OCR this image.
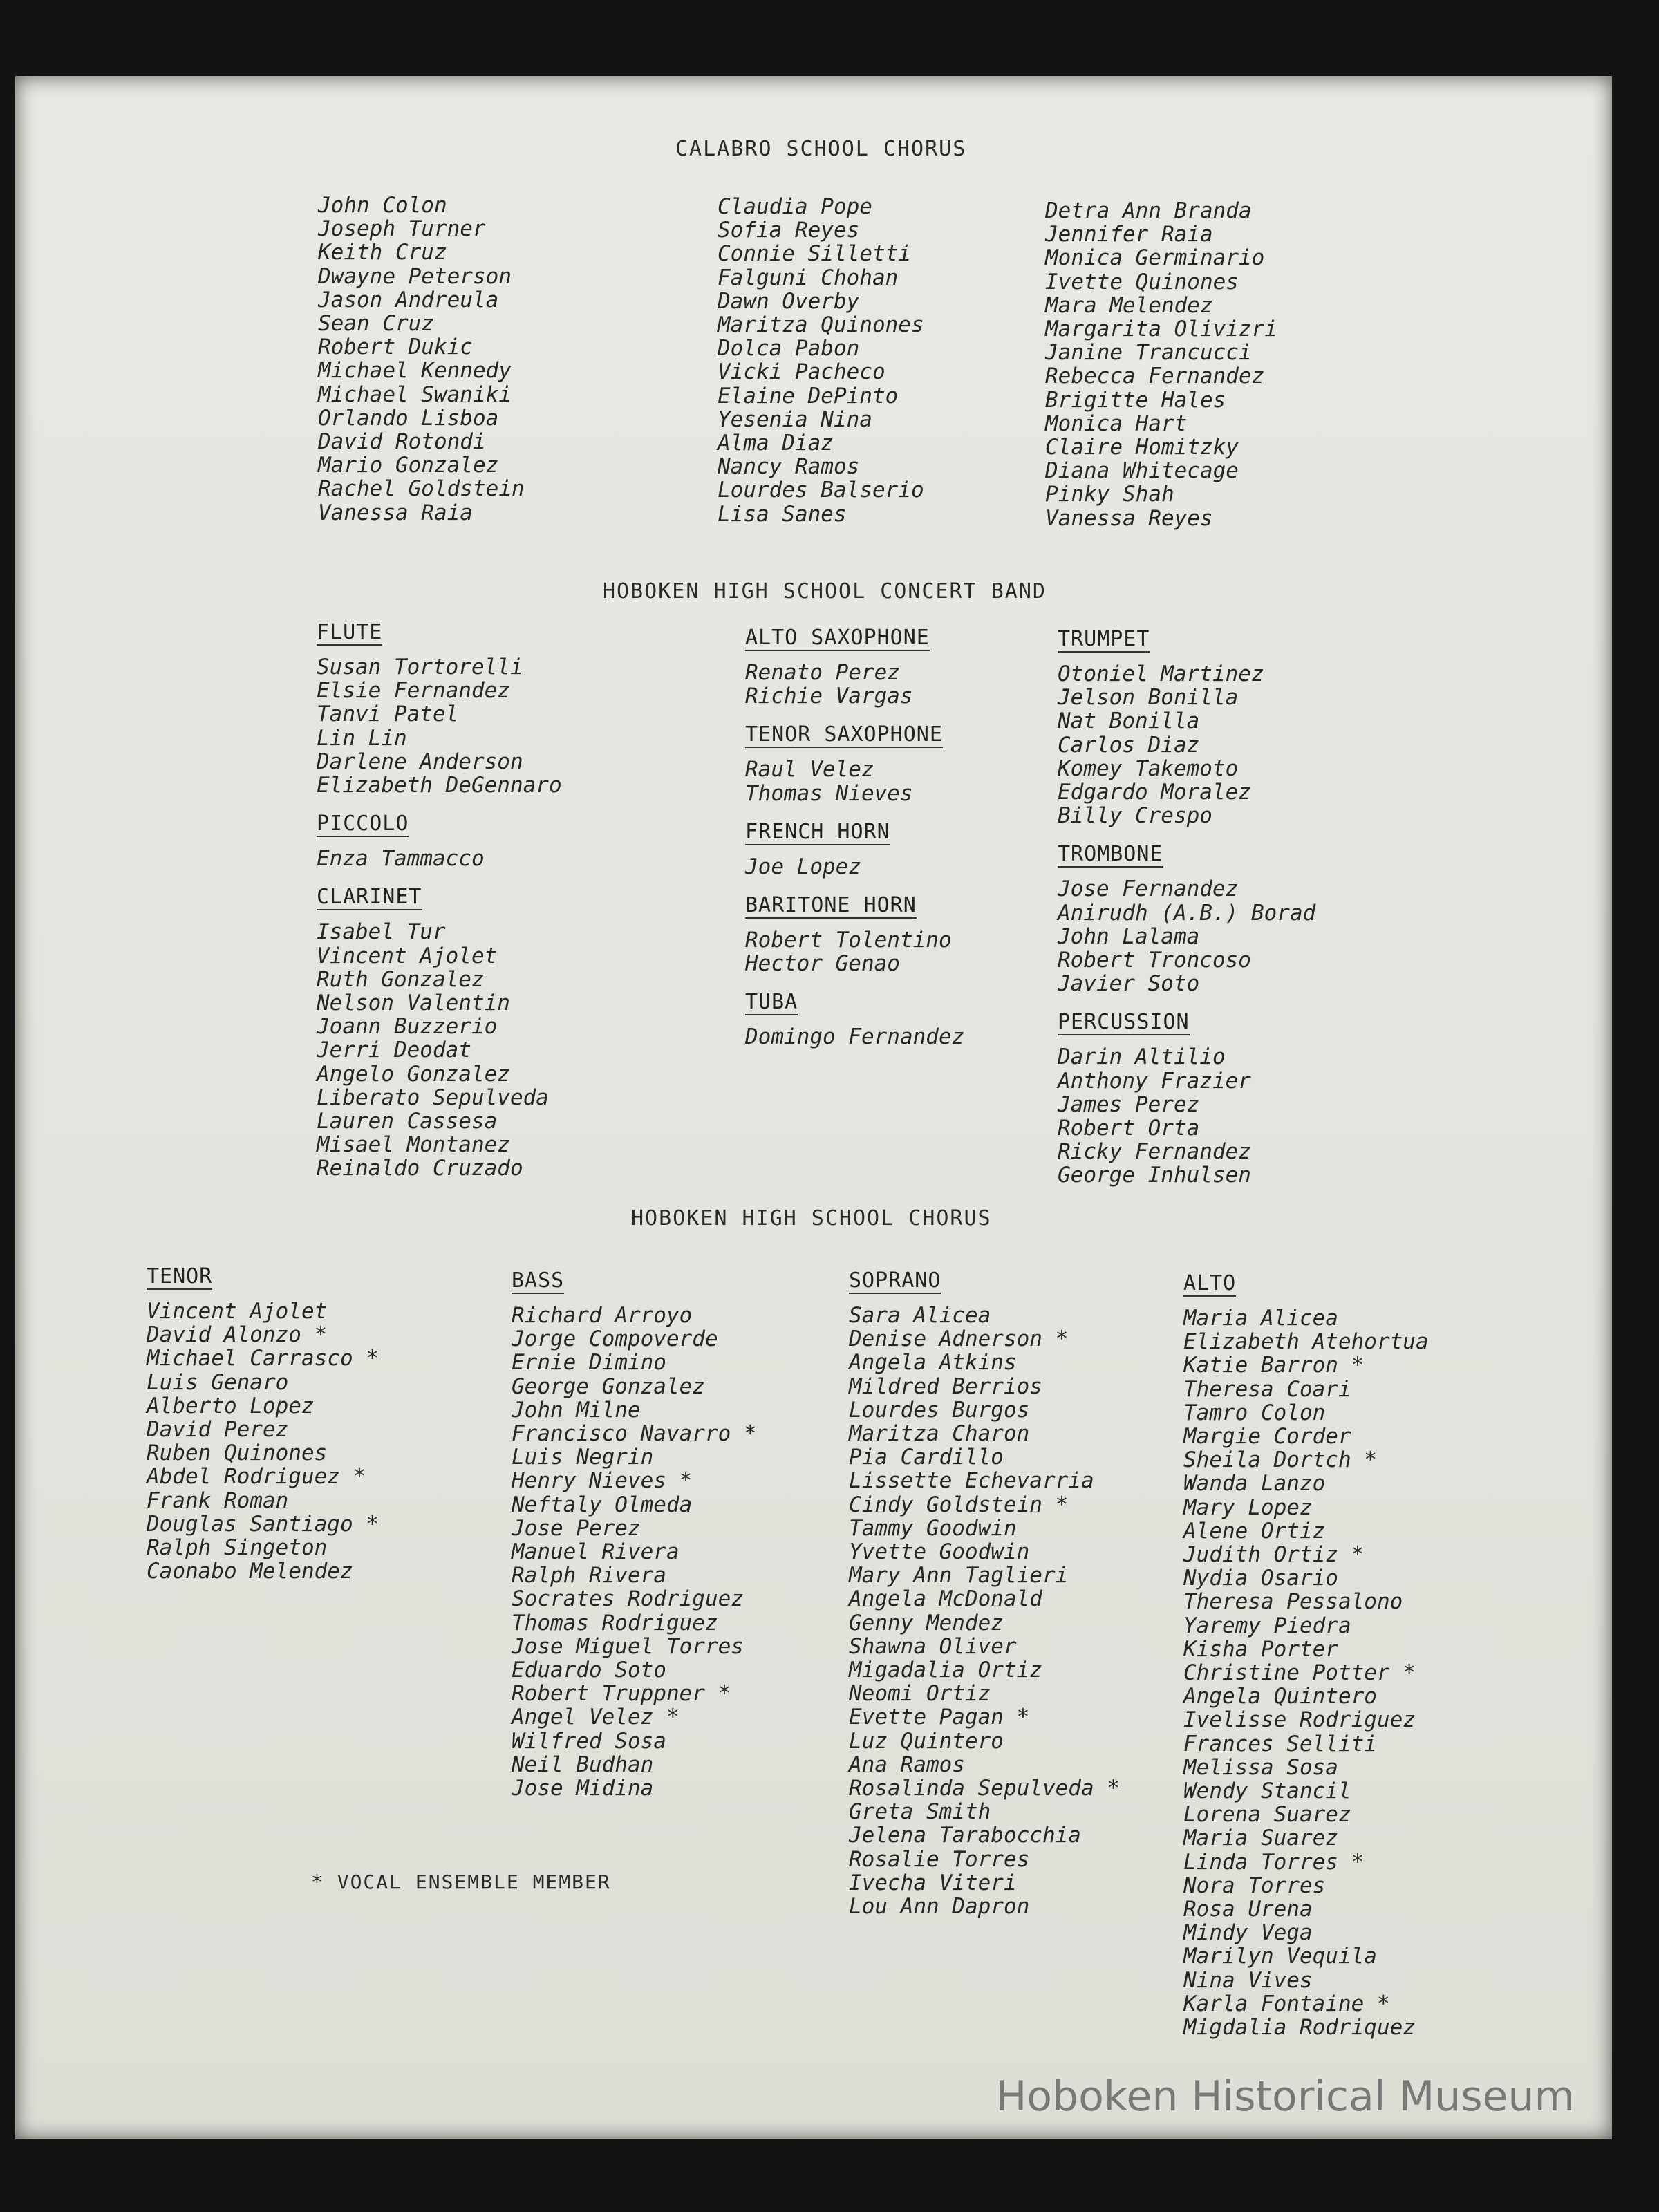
CALABRO SCHOOL CHORUS
John Colon
Joseph Turner
Keith Cruz
Dwayne Peterson
Jason Andreula
Sean Cruz
Robert Dukic
Michael Kennedy
Michael Swaniki
Orlando Lisboa
David Rotondi
Mario Gonzalez
Rachel Goldstein
Vanessa Raia
Claudia Pope
Sofia Reyes
Connie Silletti
Falguni Chohan
Dawn Overby
Maritza Quinones
Dolca Pabon
Vicki Pacheco
Elaine DePinto
Yesenia Nina
Alma Diaz
Nancy Ramos
Lourdes Balserio
Lisa Sanes
Detra Ann Branda
Jennifer Raia
Monica Germinario
Ivette Quinones
Mara Melendez
Margarita Olivizri
Janine Trancucci
Rebecca Fernandez
Brigitte Hales
Monica Hart
Claire Homitzky
Diana Whitecage
Pinky Shah
Vanessa Reyes
HOBOKEN HIGH SCHOOL CONCERT BAND
FLUTE
Susan Tortorelli
Elsie Fernandez
Tanvi Patel
Lin Lin
Darlene Anderson
Elizabeth DeGennaro
PICCOLO
Enza Tammacco
CLARINET
Isabel Tur
Vincent Ajolet
Ruth Gonzalez
Nelson Valentin
Joann Buzzerio
Jerri Deodat
Angelo Gonzalez
Liberato Sepulveda
Lauren Cassesa
Misael Montanez
Reinaldo Cruzado
ALTO SAXOPHONE
Renato Perez
Richie Vargas
TENOR SAXOPHONE
Raul Velez
Thomas Nieves
FRENCH HORN
Joe Lopez
BARITONE HORN
Robert Tolentino
Hector Genao
TUBA
Domingo Fernandez
TRUMPET
Otoniel Martinez
Jelson Bonilla
Nat Bonilla
Carlos Diaz
Komey Takemoto
Edgardo Moralez
Billy Crespo
TROMBONE
Jose Fernandez
Anirudh (A.B.) Borad
John Lalama
Robert Troncoso
Javier Soto
PERCUSSION
Darin Altilio
Anthony Frazier
James Perez
Robert Orta
Ricky Fernandez
George Inhulsen
HOBOKEN HIGH SCHOOL CHORUS
TENOR
Vincent Ajolet
David Alonzo *
Michael Carrasco *
Luis Genaro
Alberto Lopez
David Perez
Ruben Quinones
Abdel Rodriguez *
Frank Roman
Douglas Santiago *
Ralph Singeton
Caonabo Melendez
BASS
Richard Arroyo
Jorge Compoverde
Ernie Dimino
George Gonzalez
John Milne
Francisco Navarro *
Luis Negrin
Henry Nieves *
Neftaly Olmeda
Jose Perez
Manuel Rivera
Ralph Rivera
Socrates Rodriguez
Thomas Rodriguez
Jose Miguel Torres
Eduardo Soto
Robert Truppner *
Angel Velez *
Wilfred Sosa
Neil Budhan
Jose Midina
SOPRANO
Sara Alicea
Denise Adnerson *
Angela Atkins
Mildred Berrios
Lourdes Burgos
Maritza Charon
Pia Cardillo
Lissette Echevarria
Cindy Goldstein *
Tammy Goodwin
Yvette Goodwin
Mary Ann Taglieri
Angela McDonald
Genny Mendez
Shawna Oliver
Migadalia Ortiz
Neomi Ortiz
Evette Pagan *
Luz Quintero
Ana Ramos
Rosalinda Sepulveda *
Greta Smith
Jelena Tarabocchia
Rosalie Torres
Ivecha Viteri
Lou Ann Dapron
ALTO
Maria Alicea
Elizabeth Atehortua
Katie Barron *
Theresa Coari
Tamro Colon
Margie Corder
Sheila Dortch *
Wanda Lanzo
Mary Lopez
Alene Ortiz
Judith Ortiz *
Nydia Osario
Theresa Pessalono
Yaremy Piedra
Kisha Porter
Christine Potter *
Angela Quintero
Ivelisse Rodriguez
Frances Selliti
Melissa Sosa
Wendy Stancil
Lorena Suarez
Maria Suarez
Linda Torres *
Nora Torres
Rosa Urena
Mindy Vega
Marilyn Vequila
Nina Vives
Karla Fontaine *
Migdalia Rodriquez
* VOCAL ENSEMBLE MEMBER
Hoboken Historical Museum
